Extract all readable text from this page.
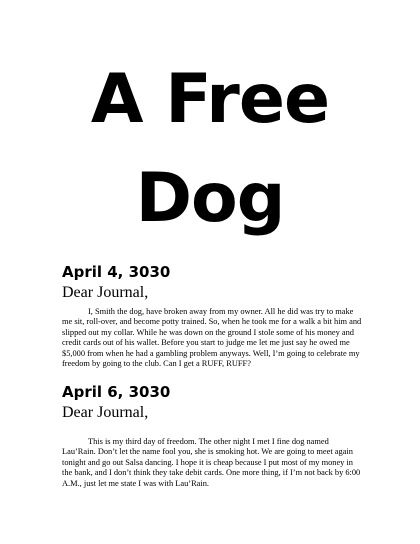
A Free
Dog
April 4, 3030

Dear Journal,

I, Smith the dog, have broken away from my owner. All he did was try to make me sit, roll-over, and become potty trained. So, when he took me for a walk a bit him and slipped out my collar. While he was down on the ground I stole some of his money and credit cards out of his wallet. Before you start to judge me let me just say he owed me $5,000 from when he had a gambling problem anyways. Well, I’m going to celebrate my freedom by going to the club. Can I get a RUFF, RUFF?

April 6, 3030

Dear Journal,

This is my third day of freedom. The other night I met I fine dog named Lau’Rain. Don’t let the name fool you, she is smoking hot. We are going to meet again tonight and go out Salsa dancing. I hope it is cheap because I put most of my money in the bank, and I don’t think they take debit cards. One more thing, if I’m not back by 6:00 A.M., just let me state I was with Lau’Rain.
